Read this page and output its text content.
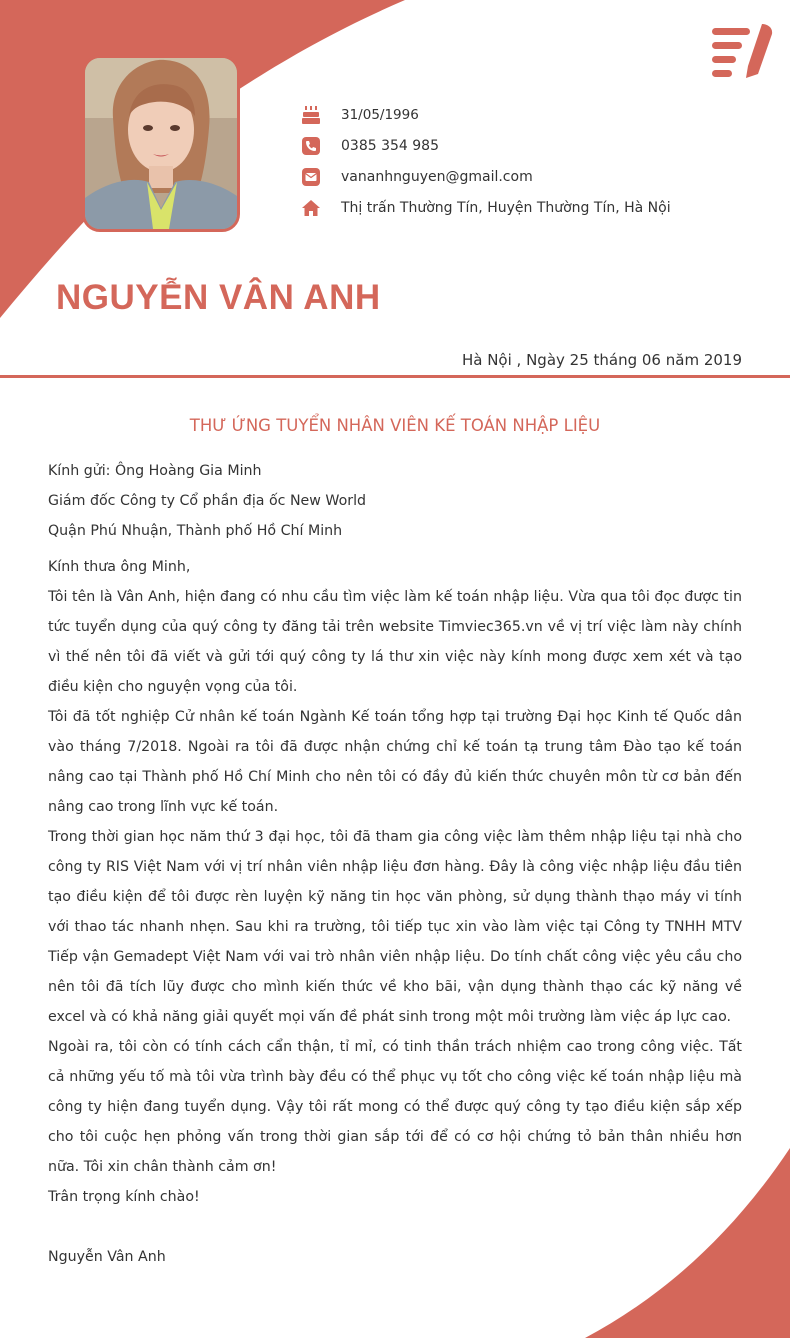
31/05/1996
0385 354 985
vananhnguyen@gmail.com
Thị trấn Thường Tín, Huyện Thường Tín, Hà Nội
NGUYỄN VÂN ANH
Hà Nội , Ngày 25 tháng 06 năm 2019
THƯ ỨNG TUYỂN NHÂN VIÊN KẾ TOÁN NHẬP LIỆU

Kính gửi: Ông Hoàng Gia Minh

Giám đốc Công ty Cổ phần địa ốc New World

Quận Phú Nhuận, Thành phố Hồ Chí Minh

Kính thưa ông Minh,

Tôi tên là Vân Anh, hiện đang có nhu cầu tìm việc làm kế toán nhập liệu. Vừa qua tôi đọc được tin tức tuyển dụng của quý công ty đăng tải trên website Timviec365.vn về vị trí việc làm này chính vì thế nên tôi đã viết và gửi tới quý công ty lá thư xin việc này kính mong được xem xét và tạo điều kiện cho nguyện vọng của tôi.

Tôi đã tốt nghiệp Cử nhân kế toán Ngành Kế toán tổng hợp tại trường Đại học Kinh tế Quốc dân vào tháng 7/2018. Ngoài ra tôi đã được nhận chứng chỉ kế toán tạ trung tâm Đào tạo kế toán nâng cao tại Thành phố Hồ Chí Minh cho nên tôi có đầy đủ kiến thức chuyên môn từ cơ bản đến nâng cao trong lĩnh vực kế toán.

Trong thời gian học năm thứ 3 đại học, tôi đã tham gia công việc làm thêm nhập liệu tại nhà cho công ty RIS Việt Nam với vị trí nhân viên nhập liệu đơn hàng. Đây là công việc nhập liệu đầu tiên tạo điều kiện để tôi được rèn luyện kỹ năng tin học văn phòng, sử dụng thành thạo máy vi tính với thao tác nhanh nhẹn. Sau khi ra trường, tôi tiếp tục xin vào làm việc tại Công ty TNHH MTV Tiếp vận Gemadept Việt Nam với vai trò nhân viên nhập liệu. Do tính chất công việc yêu cầu cho nên tôi đã tích lũy được cho mình kiến thức về kho bãi, vận dụng thành thạo các kỹ năng về excel và có khả năng giải quyết mọi vấn đề phát sinh trong một môi trường làm việc áp lực cao.

Ngoài ra, tôi còn có tính cách cẩn thận, tỉ mỉ, có tinh thần trách nhiệm cao trong công việc. Tất cả những yếu tố mà tôi vừa trình bày đều có thể phục vụ tốt cho công việc kế toán nhập liệu mà công ty hiện đang tuyển dụng. Vậy tôi rất mong có thể được quý công ty tạo điều kiện sắp xếp cho tôi cuộc hẹn phỏng vấn trong thời gian sắp tới để có cơ hội chứng tỏ bản thân nhiều hơn nữa. Tôi xin chân thành cảm ơn!

Trân trọng kính chào!

Nguyễn Vân Anh
